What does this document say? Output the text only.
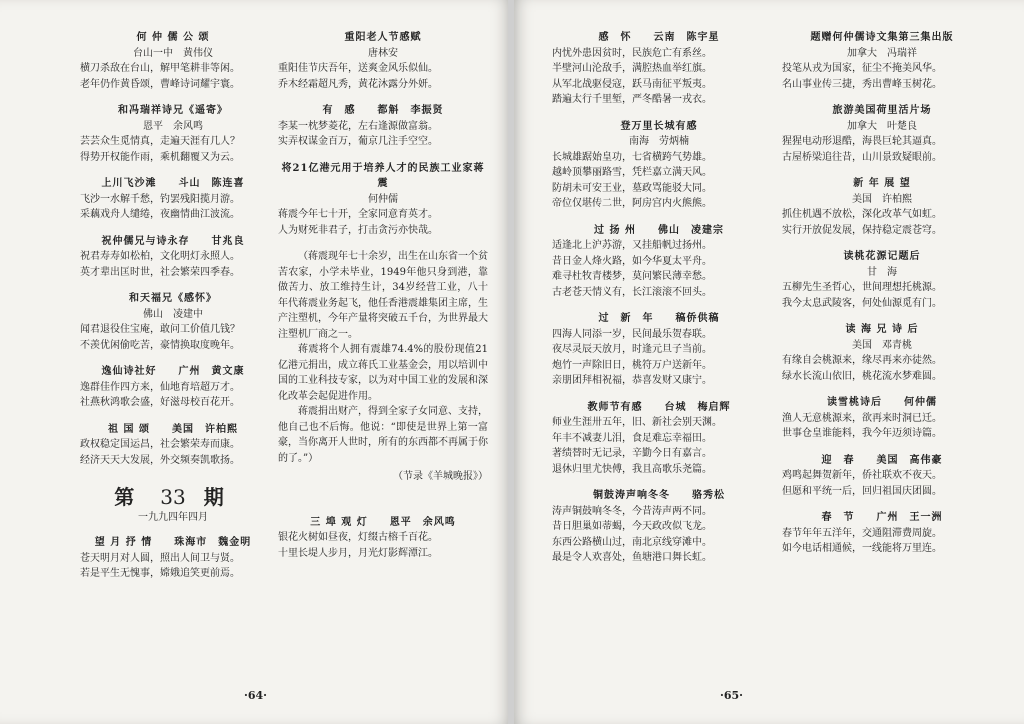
何 仲 儒 公 颂
台山一中　黄伟仪
横刀杀敌在台山，解甲笔耕非等闲。
老年仍作黄昏颂，曹峰诗词耀宇寰。
和冯瑞祥诗兄《遥寄》
恩平　余风鸣
芸芸众生觅情真，走遍天涯有几人？
得势开权能作雨，乘机翻覆又为云。
上川飞沙滩　　斗山　陈连喜
飞沙一水解千愁，钓罢残阳揽月游。
采藕戏舟人缱绻，夜幽情曲江波流。
祝仲儒兄与诗永存　　甘兆良
祝君寿寿如松柏，文化明灯永照人。
英才辈出匡时世，社会繁荣四季春。
和天福兄《感怀》
佛山　凌建中
闻君退役住宝庵，敢问工价值几钱？
不羡优闲偷吃苦，豪情换取度晚年。
逸仙诗社好　　广州　黄文康
逸群佳作四方来，仙地育培超万才。
社燕秋鸿歌会盛，好滋母校百花开。
祖 国 颂　　美国　许柏熙
政权稳定国运昌，社会繁荣寿而康。
经济天天大发展，外交频奏凯歌扬。
第 33 期
一九九四年四月
望 月 抒 情　　珠海市　魏金明
苍天明月对人圆，照出人间卫与贤。
若是平生无愧事，嫦娥追笑更前焉。
重阳老人节感赋
唐林安
重阳佳节庆吾年，送爽金风乐似仙。
乔木经霜超凡秀，黄花沐露分外妍。
有　感　　都斛　李振贤
李某一枕梦菱花，左右逢源做富翁。
实弄权谋金百万，葡京几注手空空。
将21亿港元用于培养人才的民族工业家蒋震
何仲儒
蒋震今年七十开，全家同意育英才。
人为财死非君子，打击贪污亦快哉。
（蒋震现年七十余岁，出生在山东省一个贫苦农家，小学未毕业，1949年他只身到港，靠做苦力、放工维持生计，34岁经营工业，八十年代蒋震业务起飞，他任香港震雄集团主席，生产注塑机，今年产量将突破五千台，为世界最大注塑机厂商之一。
蒋震将个人拥有震雄74.4%的股份现值21亿港元捐出，成立蒋氏工业基金会，用以培训中国的工业科技专家，以为对中国工业的发展和深化改革会起促进作用。
蒋震捐出财产，得到全家子女同意、支持，他自己也不后悔。他说：“即使是世界上第一富豪，当你离开人世时，所有的东西都不再属于你的了。”）
（节录《羊城晚报》）
三 埠 观 灯　　恩平　余风鸣
银花火树如昼夜，灯缀古榕千百花。
十里长堤人步月，月光灯影辉潭江。
·64·
感　怀　　云南　陈宇星
内忧外患因贫时，民族危亡有系丝。
半壁河山沦敌手，满腔热血举红旗。
从军北战驱侵寇，跃马南征平叛夷。
踏遍太行千里堑，严冬酷暑一戎衣。
登万里长城有感
南海　劳炳楠
长城雄踞始皇功，七省横跨气势雄。
越岭顶攀丽路雪，凭栏嘉立满天风。
防胡未可安王业，墓政骂能驳大同。
帝位仅堪传二世，阿房宫内火熊熊。
过 扬 州　　佛山　凌建宗
适逢北上沪苏游，又挂船帆过扬州。
昔日金人烽火路，如今华夏太平舟。
难寻杜牧青楼梦，莫问繁民薄幸愁。
古老苍天情义有，长江滚滚不回头。
过　新　年　　稿侨供稿
四海人同添一岁，民间最乐贺春联。
夜尽灵辰天放月，时逢元旦子当前。
炮竹一声除旧日，桃符万户送新年。
亲朋团拜相祝福，恭喜发财又康宁。
教师节有感　　台城　梅启辉
师业生涯卅五年，旧、新社会别天渊。
年丰不减妻儿泪，食足难忘幸福田。
著绩替时无记录，辛勤今日有嘉言。
退休归里尤快傅，我且高歌乐尧篇。
铜鼓涛声响冬冬　　骆秀松
涛声铜鼓响冬冬，今昔涛声两不同。
昔日胆巢如蒂蝎，今天政改似飞龙。
东西公路横山过，南北京线穿滩中。
最是令人欢喜处，鱼塘港口舞长虹。
题赠何仲儒诗文集第三集出版
加拿大　冯瑞祥
投笔从戎为国家，征尘不掩美风华。
名山事业传三捷，秀出曹峰玉树花。
旅游美国荷里活片场
加拿大　叶楚良
猩猩电动形退酷，海畏巨轮其逼真。
古屋桥梁追往昔，山川景致疑眼前。
新 年 展 望
美国　许柏熙
抓住机遇不放松，深化改革气如虹。
实行开放促发展，保持稳定震苍穹。
读桃花源记题后
甘　海
五柳先生圣哲心，世间理想托桃源。
我今太息武陵客，何处仙源觅有门。
读 海 兄 诗 后
美国　邓青桃
有缘自会桃源来，缘尽再来亦徒然。
绿水长流山依旧，桃花流水梦难圆。
读雪桃诗后　　何仲儒
渔人无意桃源来，欲再来时洞已迁。
世事仓皇谁能料，我今年迈须诗篇。
迎　春　　美国　高伟豪
鸡鸣起舞贺新年，侨社联欢不夜天。
但愿和平统一后，回归祖国庆团圆。
春　节　　广州　王一洲
春节年年五洋年，交通阻滞费周旋。
如今电话相通候，一线能将万里连。
·65·
